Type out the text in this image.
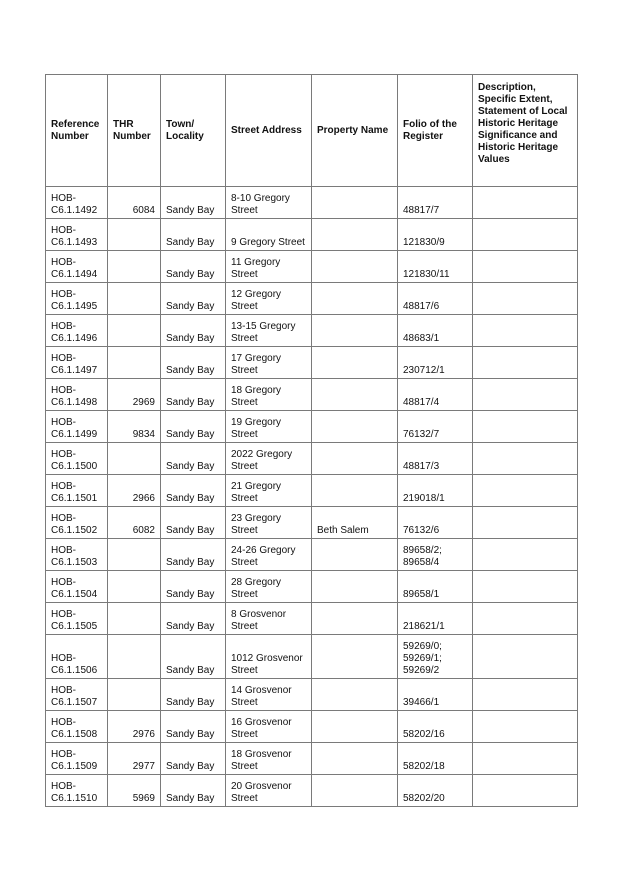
Reference Number	THR Number	Town/ Locality	Street Address	Property Name	Folio of the Register	Description, Specific Extent, Statement of Local Historic Heritage Significance and Historic Heritage Values
HOB-C6.1.1492	6084	Sandy Bay	8-10 Gregory Street		48817/7	
HOB-C6.1.1493		Sandy Bay	9 Gregory Street		121830/9	
HOB-C6.1.1494		Sandy Bay	11 Gregory Street		121830/11	
HOB-C6.1.1495		Sandy Bay	12 Gregory Street		48817/6	
HOB-C6.1.1496		Sandy Bay	13-15 Gregory Street		48683/1	
HOB-C6.1.1497		Sandy Bay	17 Gregory Street		230712/1	
HOB-C6.1.1498	2969	Sandy Bay	18 Gregory Street		48817/4	
HOB-C6.1.1499	9834	Sandy Bay	19 Gregory Street		76132/7	
HOB-C6.1.1500		Sandy Bay	2022 Gregory Street		48817/3	
HOB-C6.1.1501	2966	Sandy Bay	21 Gregory Street		219018/1	
HOB-C6.1.1502	6082	Sandy Bay	23 Gregory Street	Beth Salem	76132/6	
HOB-C6.1.1503		Sandy Bay	24-26 Gregory Street		89658/2; 89658/4	
HOB-C6.1.1504		Sandy Bay	28 Gregory Street		89658/1	
HOB-C6.1.1505		Sandy Bay	8 Grosvenor Street		218621/1	
HOB-C6.1.1506		Sandy Bay	1012 Grosvenor Street		59269/0; 59269/1; 59269/2	
HOB-C6.1.1507		Sandy Bay	14 Grosvenor Street		39466/1	
HOB-C6.1.1508	2976	Sandy Bay	16 Grosvenor Street		58202/16	
HOB-C6.1.1509	2977	Sandy Bay	18 Grosvenor Street		58202/18	
HOB-C6.1.1510	5969	Sandy Bay	20 Grosvenor Street		58202/20	
